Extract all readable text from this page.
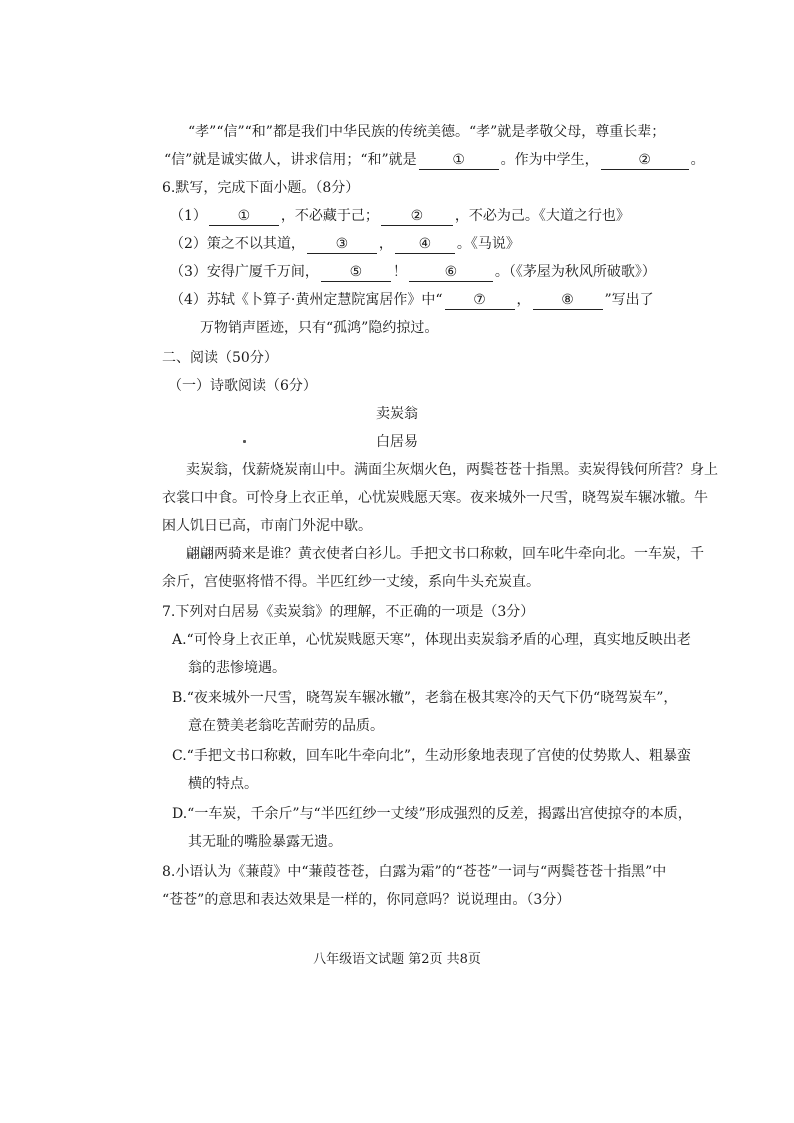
“孝”“信”“和”都是我们中华民族的传统美德。“孝”就是孝敬父母，尊重长辈；
“信”就是诚实做人，讲求信用；“和”就是	①	。作为中学生，	②	。
6.默写，完成下面小题。（8分）
（1） ① ，不必藏于己； ② ，不必为己。《大道之行也》
（2）策之不以其道， ③ ， ④ 。《马说》
（3）安得广厦千万间， ⑤ ！	⑥	。（《茅屋为秋风所破歌》）
（4）苏轼《卜算子·黄州定慧院寓居作》中“ ⑦ ， ⑧ ”写出了
万物销声匿迹，只有“孤鸿”隐约掠过。
二、阅读（50分）
（一）诗歌阅读（6分）
卖炭翁
白居易
卖炭翁，伐薪烧炭南山中。满面尘灰烟火色，两鬓苍苍十指黑。卖炭得钱何所营？身上
衣裳口中食。可怜身上衣正单，心忧炭贱愿天寒。夜来城外一尺雪，晓驾炭车辗冰辙。牛
困人饥日已高，市南门外泥中歇。
翩翩两骑来是谁？黄衣使者白衫儿。手把文书口称敕，回车叱牛牵向北。一车炭，千
余斤，宫使驱将惜不得。半匹红纱一丈绫，系向牛头充炭直。
7.下列对白居易《卖炭翁》的理解，不正确的一项是（3分）
A.“可怜身上衣正单，心忧炭贱愿天寒”，体现出卖炭翁矛盾的心理，真实地反映出老
翁的悲惨境遇。
B.“夜来城外一尺雪，晓驾炭车辗冰辙”，老翁在极其寒冷的天气下仍“晓驾炭车”，
意在赞美老翁吃苦耐劳的品质。
C.“手把文书口称敕，回车叱牛牵向北”，生动形象地表现了宫使的仗势欺人、粗暴蛮
横的特点。
D.“一车炭，千余斤”与“半匹红纱一丈绫”形成强烈的反差，揭露出宫使掠夺的本质，
其无耻的嘴脸暴露无遗。
8.小语认为《蒹葭》中“蒹葭苍苍，白露为霜”的“苍苍”一词与“两鬓苍苍十指黑”中
“苍苍”的意思和表达效果是一样的，你同意吗？说说理由。（3分）
八年级语文试题 第2页 共8页
